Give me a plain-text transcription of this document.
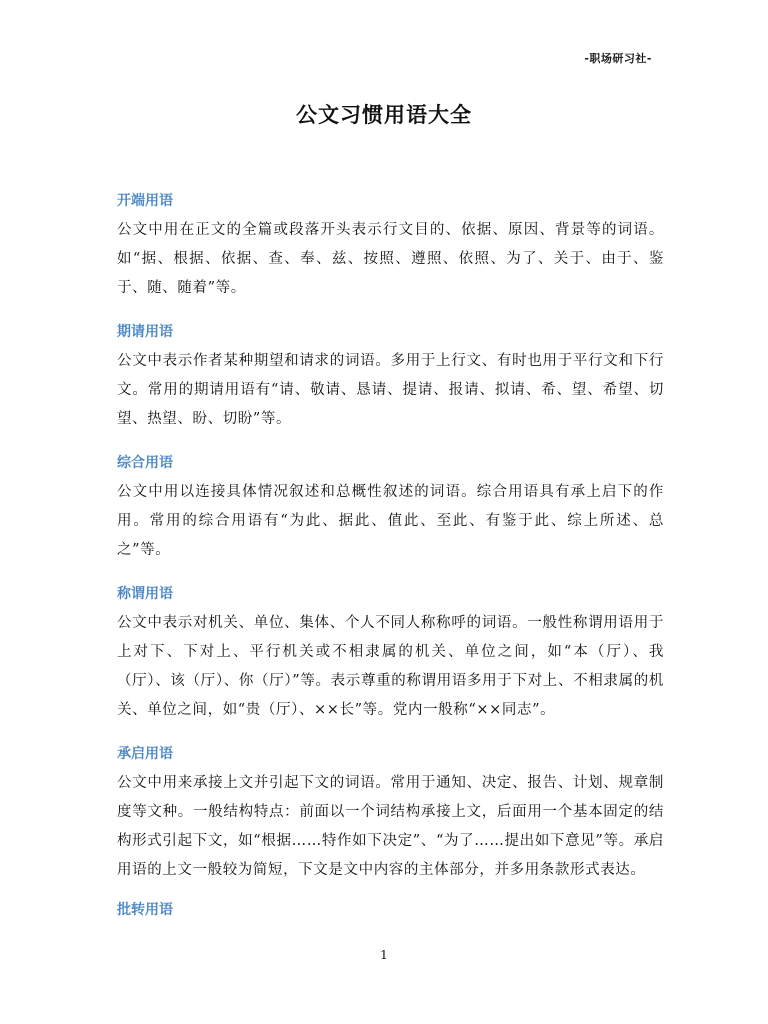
-职场研习社-
公文习惯用语大全
开端用语

公文中用在正文的全篇或段落开头表示行文目的、依据、原因、背景等的词语。如“据、根据、依据、查、奉、兹、按照、遵照、依照、为了、关于、由于、鉴于、随、随着”等。

期请用语

公文中表示作者某种期望和请求的词语。多用于上行文、有时也用于平行文和下行文。常用的期请用语有“请、敬请、恳请、提请、报请、拟请、希、望、希望、切望、热望、盼、切盼”等。

综合用语

公文中用以连接具体情况叙述和总概性叙述的词语。综合用语具有承上启下的作用。常用的综合用语有“为此、据此、值此、至此、有鉴于此、综上所述、总之”等。

称谓用语

公文中表示对机关、单位、集体、个人不同人称称呼的词语。一般性称谓用语用于上对下、下对上、平行机关或不相隶属的机关、单位之间，如“本（厅）、我（厅）、该（厅）、你（厅）”等。表示尊重的称谓用语多用于下对上、不相隶属的机关、单位之间，如“贵（厅）、××长”等。党内一般称“××同志”。

承启用语

公文中用来承接上文并引起下文的词语。常用于通知、决定、报告、计划、规章制度等文种。一般结构特点：前面以一个词结构承接上文，后面用一个基本固定的结构形式引起下文，如“根据……特作如下决定”、“为了……提出如下意见”等。承启用语的上文一般较为简短，下文是文中内容的主体部分，并多用条款形式表达。

批转用语
1
